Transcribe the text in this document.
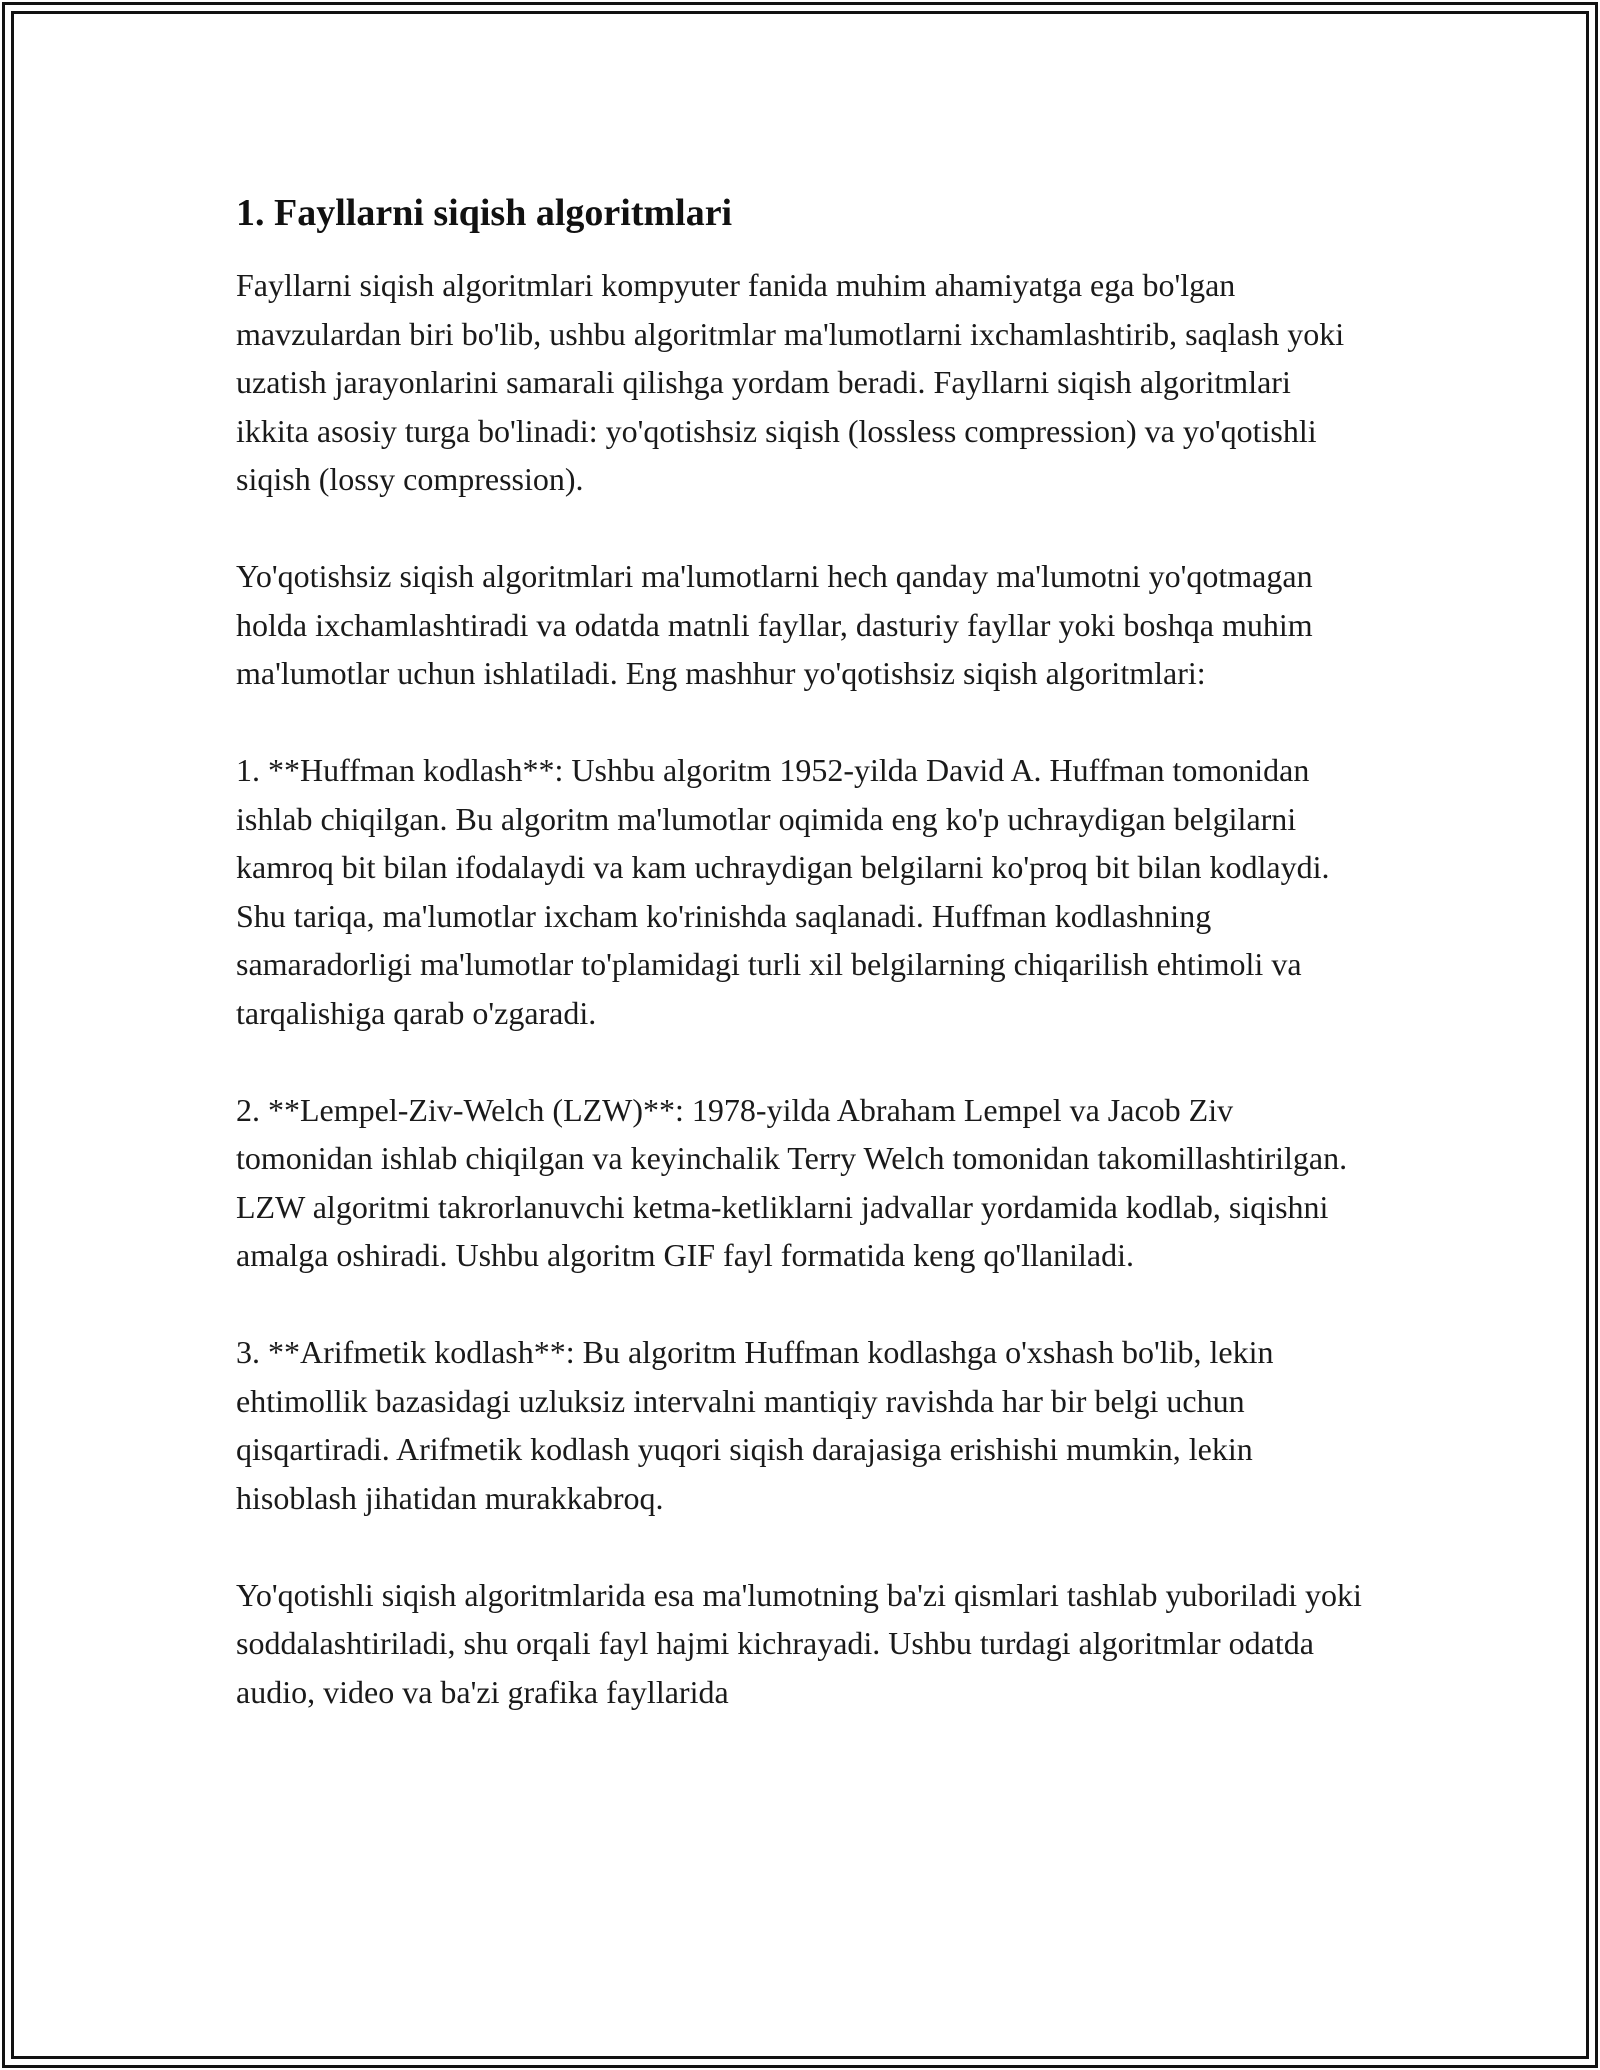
1. Fayllarni siqish algoritmlari

Fayllarni siqish algoritmlari kompyuter fanida muhim ahamiyatga ega bo'lgan mavzulardan biri bo'lib, ushbu algoritmlar ma'lumotlarni ixchamlashtirib, saqlash yoki uzatish jarayonlarini samarali qilishga yordam beradi. Fayllarni siqish algoritmlari ikkita asosiy turga bo'linadi: yo'qotishsiz siqish (lossless compression) va yo'qotishli siqish (lossy compression).

Yo'qotishsiz siqish algoritmlari ma'lumotlarni hech qanday ma'lumotni yo'qotmagan holda ixchamlashtiradi va odatda matnli fayllar, dasturiy fayllar yoki boshqa muhim ma'lumotlar uchun ishlatiladi. Eng mashhur yo'qotishsiz siqish algoritmlari:

1. **Huffman kodlash**: Ushbu algoritm 1952-yilda David A. Huffman tomonidan ishlab chiqilgan. Bu algoritm ma'lumotlar oqimida eng ko'p uchraydigan belgilarni kamroq bit bilan ifodalaydi va kam uchraydigan belgilarni ko'proq bit bilan kodlaydi. Shu tariqa, ma'lumotlar ixcham ko'rinishda saqlanadi. Huffman kodlashning samaradorligi ma'lumotlar to'plamidagi turli xil belgilarning chiqarilish ehtimoli va tarqalishiga qarab o'zgaradi.

2. **Lempel-Ziv-Welch (LZW)**: 1978-yilda Abraham Lempel va Jacob Ziv tomonidan ishlab chiqilgan va keyinchalik Terry Welch tomonidan takomillashtirilgan. LZW algoritmi takrorlanuvchi ketma-ketliklarni jadvallar yordamida kodlab, siqishni amalga oshiradi. Ushbu algoritm GIF fayl formatida keng qo'llaniladi.

3. **Arifmetik kodlash**: Bu algoritm Huffman kodlashga o'xshash bo'lib, lekin ehtimollik bazasidagi uzluksiz intervalni mantiqiy ravishda har bir belgi uchun qisqartiradi. Arifmetik kodlash yuqori siqish darajasiga erishishi mumkin, lekin hisoblash jihatidan murakkabroq.

Yo'qotishli siqish algoritmlarida esa ma'lumotning ba'zi qismlari tashlab yuboriladi yoki soddalashtiriladi, shu orqali fayl hajmi kichrayadi. Ushbu turdagi algoritmlar odatda audio, video va ba'zi grafika fayllarida
